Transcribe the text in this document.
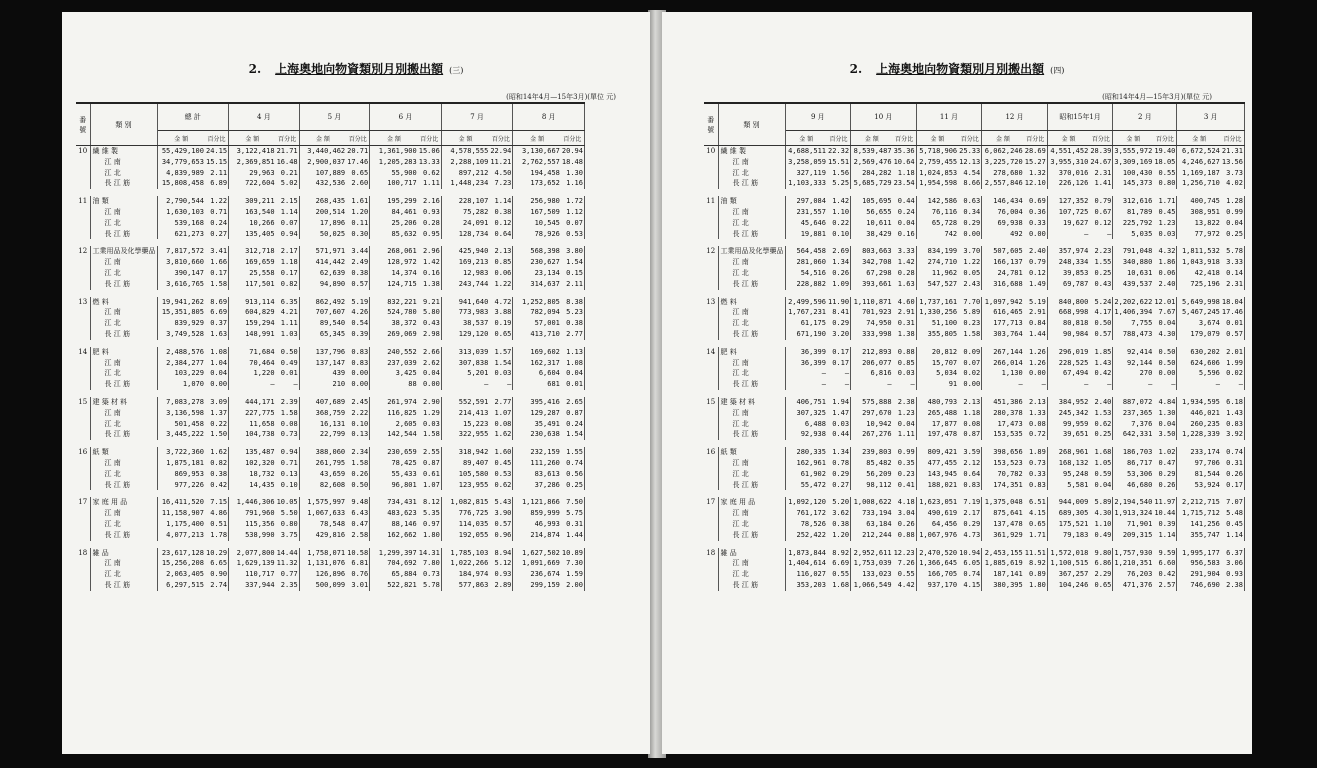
2. 上海奥地向物資類別月別搬出額 (三)
(昭和14年4月—15年3月)(單位 元)
番號	類 別	總 計		4 月		5 月		6 月		7 月		8 月	
		金 額	百分比	金 額	百分比	金 額	百分比	金 額	百分比	金 額	百分比	金 額	百分比
10	繊 維 製	55,429,100	24.15	3,122,418	21.71	3,440,462	20.71	1,361,900	15.06	4,578,555	22.94	3,130,667	20.94
	江 南	34,779,653	15.15	2,369,851	16.48	2,900,037	17.46	1,205,283	13.33	2,288,109	11.21	2,762,557	18.48
	江 北	4,839,989	2.11	29,963	0.21	107,889	0.65	55,900	0.62	897,212	4.50	194,458	1.30
	長 江 筋	15,808,458	6.89	722,604	5.02	432,536	2.60	100,717	1.11	1,448,234	7.23	173,652	1.16

11	油 類	2,790,544	1.22	309,211	2.15	268,435	1.61	195,299	2.16	228,107	1.14	256,980	1.72
	江 南	1,630,103	0.71	163,540	1.14	200,514	1.20	84,461	0.93	75,282	0.38	167,509	1.12
	江 北	539,168	0.24	10,266	0.07	17,896	0.11	25,206	0.28	24,091	0.12	10,545	0.07
	長 江 筋	621,273	0.27	135,405	0.94	50,025	0.30	85,632	0.95	128,734	0.64	78,926	0.53

12	工業用品及化學藥品	7,817,572	3.41	312,718	2.17	571,971	3.44	268,061	2.96	425,940	2.13	568,398	3.80
	江 南	3,810,660	1.66	169,659	1.18	414,442	2.49	128,972	1.42	169,213	0.85	230,627	1.54
	江 北	390,147	0.17	25,558	0.17	62,639	0.38	14,374	0.16	12,983	0.06	23,134	0.15
	長 江 筋	3,616,765	1.58	117,501	0.82	94,890	0.57	124,715	1.38	243,744	1.22	314,637	2.11

13	燃 料	19,941,262	8.69	913,114	6.35	862,492	5.19	832,221	9.21	941,640	4.72	1,252,805	8.38
	江 南	15,351,805	6.69	604,829	4.21	707,607	4.26	524,780	5.80	773,983	3.88	782,094	5.23
	江 北	839,929	0.37	159,294	1.11	89,540	0.54	38,372	0.43	38,537	0.19	57,001	0.38
	長 江 筋	3,749,528	1.63	148,991	1.03	65,345	0.39	269,069	2.98	129,120	0.65	413,710	2.77

14	肥 料	2,488,576	1.08	71,684	0.50	137,796	0.83	240,552	2.66	313,039	1.57	169,602	1.13
	江 南	2,384,277	1.04	70,464	0.49	137,147	0.83	237,039	2.62	307,838	1.54	162,317	1.08
	江 北	103,229	0.04	1,220	0.01	439	0.00	3,425	0.04	5,201	0.03	6,604	0.04
	長 江 筋	1,070	0.00	—	—	210	0.00	88	0.00	—	—	681	0.01

15	建 築 材 料	7,083,278	3.09	444,171	2.39	407,689	2.45	261,974	2.90	552,591	2.77	395,416	2.65
	江 南	3,136,598	1.37	227,775	1.58	368,759	2.22	116,825	1.29	214,413	1.07	129,287	0.87
	江 北	501,458	0.22	11,658	0.08	16,131	0.10	2,605	0.03	15,223	0.08	35,491	0.24
	長 江 筋	3,445,222	1.50	104,738	0.73	22,799	0.13	142,544	1.58	322,955	1.62	230,638	1.54

16	紙 類	3,722,360	1.62	135,487	0.94	388,060	2.34	230,659	2.55	318,942	1.60	232,159	1.55
	江 南	1,875,181	0.82	102,320	0.71	261,795	1.58	78,425	0.87	89,407	0.45	111,260	0.74
	江 北	869,953	0.38	18,732	0.13	43,659	0.26	55,433	0.61	105,580	0.53	83,613	0.56
	長 江 筋	977,226	0.42	14,435	0.10	82,608	0.50	96,801	1.07	123,955	0.62	37,286	0.25

17	家 庭 用 品	16,411,520	7.15	1,446,306	10.05	1,575,997	9.48	734,431	8.12	1,082,815	5.43	1,121,866	7.50
	江 南	11,158,907	4.86	791,960	5.50	1,067,633	6.43	483,623	5.35	776,725	3.90	859,999	5.75
	江 北	1,175,400	0.51	115,356	0.80	78,548	0.47	88,146	0.97	114,035	0.57	46,993	0.31
	長 江 筋	4,077,213	1.78	538,990	3.75	429,816	2.58	162,662	1.80	192,055	0.96	214,874	1.44

18	雑 品	23,617,128	10.29	2,077,800	14.44	1,758,071	10.58	1,299,397	14.31	1,785,103	8.94	1,627,502	10.89
	江 南	15,256,208	6.65	1,629,139	11.32	1,131,076	6.81	704,692	7.80	1,022,266	5.12	1,091,669	7.30
	江 北	2,063,405	0.90	110,717	0.77	126,896	0.76	65,884	0.73	184,974	0.93	236,674	1.59
	長 江 筋	6,297,515	2.74	337,944	2.35	500,099	3.01	522,821	5.78	577,863	2.89	299,159	2.00
2. 上海奥地向物資類別月別搬出額 (四)
(昭和14年4月—15年3月)(單位 元)
番號	類 別	9 月		10 月		11 月		12 月		昭和15年1月		2 月		3 月	
		金 額	百分比	金 額	百分比	金 額	百分比	金 額	百分比	金 額	百分比	金 額	百分比	金 額	百分比
10	繊 維 製	4,688,511	22.32	8,539,487	35.36	5,718,906	25.33	6,062,246	28.69	4,551,452	28.39	3,555,972	19.40	6,672,524	21.31
	江 南	3,258,059	15.51	2,569,476	10.64	2,759,455	12.13	3,225,720	15.27	3,955,310	24.67	3,309,169	18.05	4,246,627	13.56
	江 北	327,119	1.56	284,282	1.18	1,024,853	4.54	278,680	1.32	370,016	2.31	100,430	0.55	1,169,187	3.73
	長 江 筋	1,103,333	5.25	5,685,729	23.54	1,954,598	8.66	2,557,846	12.10	226,126	1.41	145,373	0.80	1,256,710	4.02

11	油 類	297,084	1.42	105,695	0.44	142,586	0.63	146,434	0.69	127,352	0.79	312,616	1.71	400,745	1.28
	江 南	231,557	1.10	56,655	0.24	76,116	0.34	76,004	0.36	107,725	0.67	81,789	0.45	308,951	0.99
	江 北	45,646	0.22	10,611	0.04	65,728	0.29	69,938	0.33	19,627	0.12	225,792	1.23	13,822	0.04
	長 江 筋	19,881	0.10	38,429	0.16	742	0.00	492	0.00	—	—	5,035	0.03	77,972	0.25

12	工業用品及化學藥品	564,458	2.69	803,663	3.33	834,199	3.70	507,605	2.40	357,974	2.23	791,048	4.32	1,811,532	5.78
	江 南	281,060	1.34	342,708	1.42	274,710	1.22	166,137	0.79	248,334	1.55	340,880	1.86	1,043,918	3.33
	江 北	54,516	0.26	67,298	0.28	11,962	0.05	24,781	0.12	39,853	0.25	10,631	0.06	42,418	0.14
	長 江 筋	228,882	1.09	393,661	1.63	547,527	2.43	316,688	1.49	69,787	0.43	439,537	2.40	725,196	2.31

13	燃 料	2,499,596	11.90	1,110,871	4.60	1,737,161	7.70	1,097,942	5.19	840,800	5.24	2,202,622	12.01	5,649,998	18.04
	江 南	1,767,231	8.41	701,923	2.91	1,330,256	5.89	616,465	2.91	668,998	4.17	1,406,394	7.67	5,467,245	17.46
	江 北	61,175	0.29	74,950	0.31	51,100	0.23	177,713	0.84	80,818	0.50	7,755	0.04	3,674	0.01
	長 江 筋	671,190	3.20	333,998	1.38	355,805	1.58	303,764	1.44	90,984	0.57	788,473	4.30	179,079	0.57

14	肥 料	36,399	0.17	212,893	0.88	20,812	0.09	267,144	1.26	296,019	1.85	92,414	0.50	630,202	2.01
	江 南	36,399	0.17	206,077	0.85	15,707	0.07	266,014	1.26	228,525	1.43	92,144	0.50	624,606	1.99
	江 北	—	—	6,816	0.03	5,034	0.02	1,130	0.00	67,494	0.42	270	0.00	5,596	0.02
	長 江 筋	—	—	—	—	91	0.00	—	—	—	—	—	—	—	—

15	建 築 材 料	406,751	1.94	575,888	2.38	480,793	2.13	451,386	2.13	384,952	2.40	887,072	4.84	1,934,595	6.18
	江 南	307,325	1.47	297,670	1.23	265,488	1.18	280,378	1.33	245,342	1.53	237,365	1.30	446,021	1.43
	江 北	6,488	0.03	10,942	0.04	17,877	0.08	17,473	0.08	99,959	0.62	7,376	0.04	260,235	0.83
	長 江 筋	92,938	0.44	267,276	1.11	197,478	0.87	153,535	0.72	39,651	0.25	642,331	3.50	1,228,339	3.92

16	紙 類	280,335	1.34	239,803	0.99	809,421	3.59	398,656	1.89	268,961	1.68	186,703	1.02	233,174	0.74
	江 南	162,961	0.78	85,482	0.35	477,455	2.12	153,523	0.73	168,132	1.05	86,717	0.47	97,706	0.31
	江 北	61,902	0.29	56,209	0.23	143,945	0.64	70,782	0.33	95,248	0.59	53,306	0.29	81,544	0.26
	長 江 筋	55,472	0.27	98,112	0.41	188,021	0.83	174,351	0.83	5,581	0.04	46,680	0.26	53,924	0.17

17	家 庭 用 品	1,092,120	5.20	1,008,622	4.18	1,623,051	7.19	1,375,048	6.51	944,009	5.89	2,194,540	11.97	2,212,715	7.07
	江 南	761,172	3.62	733,194	3.04	490,619	2.17	875,641	4.15	689,305	4.30	1,913,324	10.44	1,715,712	5.48
	江 北	78,526	0.38	63,184	0.26	64,456	0.29	137,478	0.65	175,521	1.10	71,901	0.39	141,256	0.45
	長 江 筋	252,422	1.20	212,244	0.88	1,067,976	4.73	361,929	1.71	79,183	0.49	209,315	1.14	355,747	1.14

18	雑 品	1,873,844	8.92	2,952,611	12.23	2,470,520	10.94	2,453,155	11.51	1,572,018	9.80	1,757,930	9.59	1,995,177	6.37
	江 南	1,404,614	6.69	1,753,039	7.26	1,366,645	6.05	1,885,619	8.92	1,100,515	6.86	1,210,351	6.60	956,583	3.06
	江 北	116,027	0.55	133,023	0.55	166,705	0.74	187,141	0.89	367,257	2.29	76,203	0.42	291,904	0.93
	長 江 筋	353,203	1.68	1,066,549	4.42	937,170	4.15	380,395	1.80	104,246	0.65	471,376	2.57	746,690	2.38
